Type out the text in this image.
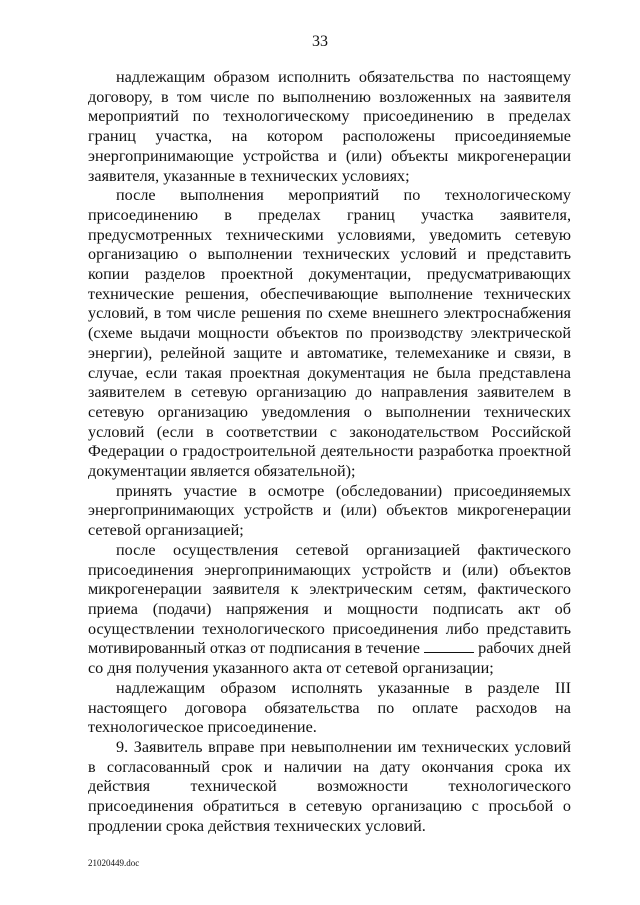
33

надлежащим образом исполнить обязательства по настоящему договору, в том числе по выполнению возложенных на заявителя мероприятий по технологическому присоединению в пределах границ участка, на котором расположены присоединяемые энергопринимающие устройства и (или) объекты микрогенерации заявителя, указанные в технических условиях;

после выполнения мероприятий по технологическому присоединению в пределах границ участка заявителя, предусмотренных техническими условиями, уведомить сетевую организацию о выполнении технических условий и представить копии разделов проектной документации, предусматривающих технические решения, обеспечивающие выполнение технических условий, в том числе решения по схеме внешнего электроснабжения (схеме выдачи мощности объектов по производству электрической энергии), релейной защите и автоматике, телемеханике и связи, в случае, если такая проектная документация не была представлена заявителем в сетевую организацию до направления заявителем в сетевую организацию уведомления о выполнении технических условий (если в соответствии с законодательством Российской Федерации о градостроительной деятельности разработка проектной документации является обязательной);

принять участие в осмотре (обследовании) присоединяемых энергопринимающих устройств и (или) объектов микрогенерации сетевой организацией;

после осуществления сетевой организацией фактического присоединения энергопринимающих устройств и (или) объектов микрогенерации заявителя к электрическим сетям, фактического приема (подачи) напряжения и мощности подписать акт об осуществлении технологического присоединения либо представить мотивированный отказ от подписания в течение	рабочих дней со дня получения указанного акта от сетевой организации;

надлежащим образом исполнять указанные в разделе III настоящего договора обязательства по оплате расходов на технологическое присоединение.

9. Заявитель вправе при невыполнении им технических условий в согласованный срок и наличии на дату окончания срока их действия технической возможности технологического присоединения обратиться в сетевую организацию с просьбой о продлении срока действия технических условий.

21020449.doc
